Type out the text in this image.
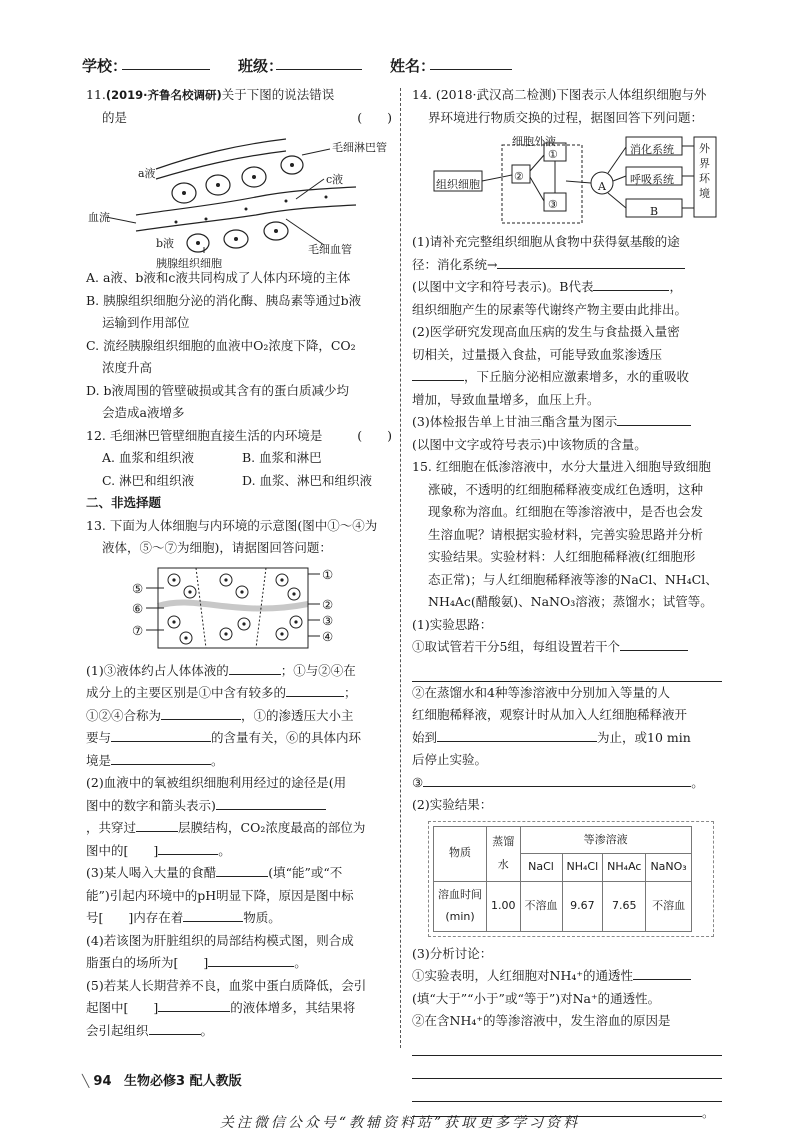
学校：	班级：	姓名：

11.(2019·齐鲁名校调研)关于下图的说法错误

的是	(　　)

a液
毛细淋巴管
c液
血流
b液	毛细血管
胰腺组织细胞

A. a液、b液和c液共同构成了人体内环境的主体

B. 胰腺组织细胞分泌的消化酶、胰岛素等通过b液

运输到作用部位

C. 流经胰腺组织细胞的血液中O₂浓度下降，CO₂

浓度升高

D. b液周围的管壁破损或其含有的蛋白质减少均

会造成a液增多

12. 毛细淋巴管壁细胞直接生活的内环境是	(　　)

A. 血浆和组织液	B. 血浆和淋巴

C. 淋巴和组织液	D. 血浆、淋巴和组织液

二、非选择题

13. 下面为人体细胞与内环境的示意图(图中①～④为

液体，⑤～⑦为细胞)，请据图回答问题：

①
②
③
④
⑤
⑥
⑦

(1)③液体约占人体体液的	；①与②④在

成分上的主要区别是①中含有较多的	；

①②④合称为	，①的渗透压大小主

要与	的含量有关，⑥的具体内环

境是	。

(2)血液中的氧被组织细胞利用经过的途径是(用

图中的数字和箭头表示)

，共穿过	层膜结构，CO₂浓度最高的部位为

图中的[　　]	。

(3)某人喝入大量的食醋	(填“能”或“不

能”)引起内环境中的pH明显下降，原因是图中标

号[　　]内存在着	物质。

(4)若该图为肝脏组织的局部结构模式图，则合成

脂蛋白的场所为[　　]	。

(5)若某人长期营养不良，血浆中蛋白质降低，会引

起图中[　　]	的液体增多，其结果将

会引起组织	。

14. (2018·武汉高二检测)下图表示人体组织细胞与外

界环境进行物质交换的过程，据图回答下列问题：

细胞外液
组织细胞
②
①
③
A
消化系统
呼吸系统
B
外界环境

(1)请补充完整组织细胞从食物中获得氨基酸的途

径：消化系统→

(以图中文字和符号表示)。B代表	，

组织细胞产生的尿素等代谢终产物主要由此排出。

(2)医学研究发现高血压病的发生与食盐摄入量密

切相关，过量摄入食盐，可能导致血浆渗透压

，下丘脑分泌相应激素增多，水的重吸收

增加，导致血量增多，血压上升。

(3)体检报告单上甘油三酯含量为图示

(以图中文字或符号表示)中该物质的含量。

15. 红细胞在低渗溶液中，水分大量进入细胞导致细胞

涨破，不透明的红细胞稀释液变成红色透明，这种

现象称为溶血。红细胞在等渗溶液中，是否也会发

生溶血呢？请根据实验材料，完善实验思路并分析

实验结果。实验材料：人红细胞稀释液(红细胞形

态正常)；与人红细胞稀释液等渗的NaCl、NH₄Cl、

NH₄Ac(醋酸氨)、NaNO₃溶液；蒸馏水；试管等。

(1)实验思路：

①取试管若干分5组，每组设置若干个

②在蒸馏水和4种等渗溶液中分别加入等量的人

红细胞稀释液，观察计时从加入人红细胞稀释液开

始到	为止，或10 min

后停止实验。

③	。

(2)实验结果：

物质	蒸馏
水	等渗溶液			
		NaCl	NH₄Cl	NH₄Ac	NaNO₃
溶血时间
(min)	1.00	不溶血	9.67	7.65	不溶血

(3)分析讨论：

①实验表明，人红细胞对NH₄⁺的通透性

(填“大于”“小于”或“等于”)对Na⁺的通透性。

②在含NH₄⁺的等渗溶液中，发生溶血的原因是

。

╲ 94 生物必修3 配人教版
关注微信公众号“教辅资料站”获取更多学习资料
